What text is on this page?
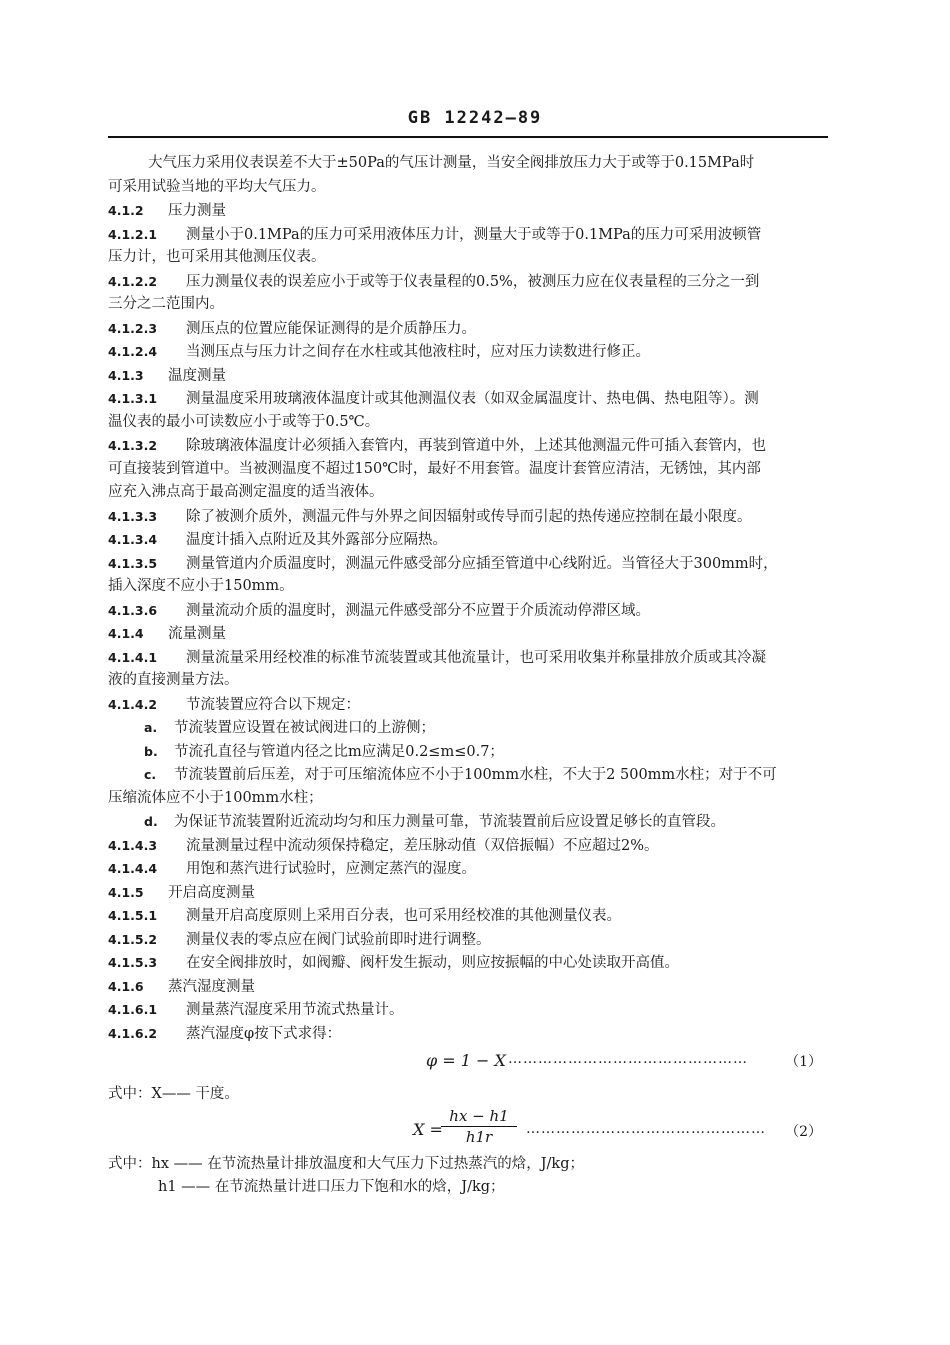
GB 12242—89
大气压力采用仪表误差不大于±50Pa的气压计测量，当安全阀排放压力大于或等于0.15MPa时
可采用试验当地的平均大气压力。
4.1.2 压力测量
4.1.2.1 测量小于0.1MPa的压力可采用液体压力计，测量大于或等于0.1MPa的压力可采用波顿管
压力计，也可采用其他测压仪表。
4.1.2.2 压力测量仪表的误差应小于或等于仪表量程的0.5%，被测压力应在仪表量程的三分之一到
三分之二范围内。
4.1.2.3 测压点的位置应能保证测得的是介质静压力。
4.1.2.4 当测压点与压力计之间存在水柱或其他液柱时，应对压力读数进行修正。
4.1.3 温度测量
4.1.3.1 测量温度采用玻璃液体温度计或其他测温仪表（如双金属温度计、热电偶、热电阻等）。测
温仪表的最小可读数应小于或等于0.5℃。
4.1.3.2 除玻璃液体温度计必须插入套管内，再装到管道中外，上述其他测温元件可插入套管内，也
可直接装到管道中。当被测温度不超过150℃时，最好不用套管。温度计套管应清洁，无锈蚀，其内部
应充入沸点高于最高测定温度的适当液体。
4.1.3.3 除了被测介质外，测温元件与外界之间因辐射或传导而引起的热传递应控制在最小限度。
4.1.3.4 温度计插入点附近及其外露部分应隔热。
4.1.3.5 测量管道内介质温度时，测温元件感受部分应插至管道中心线附近。当管径大于300mm时，
插入深度不应小于150mm。
4.1.3.6 测量流动介质的温度时，测温元件感受部分不应置于介质流动停滞区域。
4.1.4 流量测量
4.1.4.1 测量流量采用经校准的标准节流装置或其他流量计，也可采用收集并称量排放介质或其冷凝
液的直接测量方法。
4.1.4.2 节流装置应符合以下规定：
a. 节流装置应设置在被试阀进口的上游侧；
b. 节流孔直径与管道内径之比m应满足0.2≤m≤0.7；
c. 节流装置前后压差，对于可压缩流体应不小于100mm水柱，不大于2 500mm水柱；对于不可
压缩流体应不小于100mm水柱；
d. 为保证节流装置附近流动均匀和压力测量可靠，节流装置前后应设置足够长的直管段。
4.1.4.3 流量测量过程中流动须保持稳定，差压脉动值（双倍振幅）不应超过2%。
4.1.4.4 用饱和蒸汽进行试验时，应测定蒸汽的湿度。
4.1.5 开启高度测量
4.1.5.1 测量开启高度原则上采用百分表，也可采用经校准的其他测量仪表。
4.1.5.2 测量仪表的零点应在阀门试验前即时进行调整。
4.1.5.3 在安全阀排放时，如阀瓣、阀杆发生振动，则应按振幅的中心处读取开高值。
4.1.6 蒸汽湿度测量
4.1.6.1 测量蒸汽湿度采用节流式热量计。
4.1.6.2 蒸汽湿度φ按下式求得：
φ = 1 − X …………………………………………	（1）
式中：X—— 干度。
X =
$\frac{hx - h1}{h1r}$ ………………………………………… （2）
式中：hx —— 在节流热量计排放温度和大气压力下过热蒸汽的焓，J/kg；
h1 —— 在节流热量计进口压力下饱和水的焓，J/kg；
